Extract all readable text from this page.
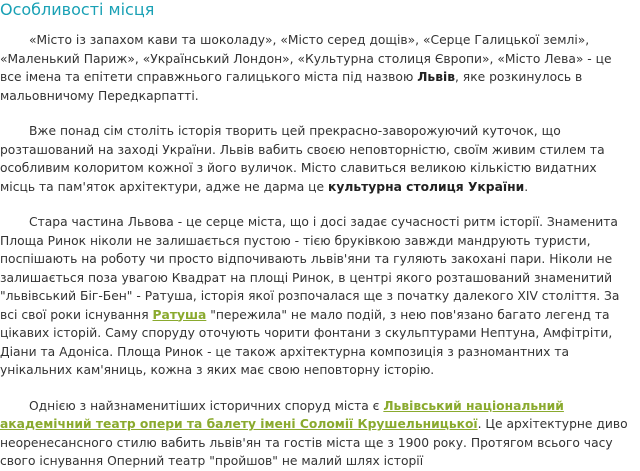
Особливості місця

«Місто із запахом кави та шоколаду», «Місто серед дощів», «Серце Галицької землі», «Маленький Париж», «Український Лондон», «Культурна столиця Європи», «Місто Лева» - це все імена та епітети справжнього галицького міста під назвою Львів, яке розкинулось в мальовничому Передкарпатті.

Вже понад сім століть історія творить цей прекрасно-заворожуючий куточок, що розташований на заході України. Львів вабить своєю неповторністю, своїм живим стилем та особливим колоритом кожної з його вуличок. Місто славиться великою кількістю видатних місць та пам'яток архітектури, адже не дарма це культурна столиця України.

Стара частина Львова - це серце міста, що і досі задає сучасності ритм історії. Знаменита Площа Ринок ніколи не залишається пустою - тією бруківкою завжди мандрують туристи, поспішають на роботу чи просто відпочивають львів'яни та гуляють закохані пари. Ніколи не залишається поза увагою Квадрат на площі Ринок, в центрі якого розташований знаменитий "львівський Біг-Бен" - Ратуша, історія якої розпочалася ще з початку далекого XIV століття. За всі свої роки існування Ратуша "пережила" не мало подій, з нею пов'язано багато легенд та цікавих історій. Саму споруду оточують чорити фонтани з скульптурами Нептуна, Амфітріти, Діани та Адоніса. Площа Ринок - це також архітектурна композиція з разномантних та унікальних кам'яниць, кожна з яких має свою неповторну історію.

Однією з найзнаменитіших історичних споруд міста є Львівський національний академічний театр опери та балету імені Соломії Крушельницької. Це архітектурне диво неоренесансного стилю вабить львів'ян та гостів міста ще з 1900 року. Протягом всього часу свого існування Оперний театр "пройшов" не малий шлях історії
